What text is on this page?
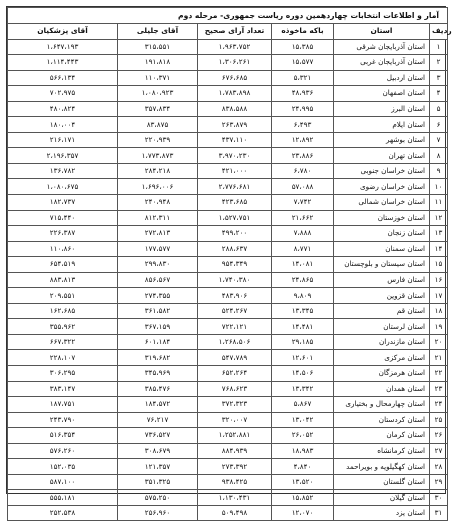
آمار و اطلاعات انتخابات چهاردهمین دوره ریاست جمهوری- مرحله دوم					
آقای پزشکیان	آقای جلیلی	تعداد آرای صحیح	باکه ماخوذه	استان	ردیف
۱،۶۴۷،۱۹۳	۳۱۵،۵۵۱	۱،۹۶۳،۷۵۲	۱۵،۳۸۵	استان آذربایجان شرقی	۱
۱،۱۱۴،۴۴۳	۱۹۱،۸۱۸	۱،۳۰۶،۲۶۱	۱۵،۵۷۷	استان آذربایجان غربی	۲
۵۶۶،۱۳۴	۱۱۰،۳۷۱	۶۷۶،۶۸۵	۵،۳۲۱	استان اردبیل	۳
۷۰۲،۹۷۵	۱،۰۸۰،۹۲۳	۱،۷۸۳،۸۹۸	۴۸،۹۳۶	استان اصفهان	۴
۴۸۰،۸۲۴	۳۵۷،۸۳۴	۸۳۸،۵۸۸	۲۴،۹۹۵	استان البرز	۵
۱۸۰،۰۰۴	۸۳،۸۷۵	۲۶۳،۸۷۹	۶،۴۹۳	استان ایلام	۶
۲۱۶،۱۷۱	۲۲۰،۹۳۹	۴۳۷،۱۱۰	۱۲،۸۹۲	استان بوشهر	۷
۲،۱۹۶،۳۵۷	۱،۷۷۳،۸۷۳	۳،۹۷۰،۲۳۰	۲۳،۸۸۶	استان تهران	۸
۱۳۶،۷۸۲	۲۸۴،۲۱۸	۴۲۱،۰۰۰	۶،۷۸۰	استان خراسان جنوبی	۹
۱،۰۸۰،۶۷۵	۱،۶۹۶،۰۰۶	۲،۷۷۶،۶۸۱	۵۷،۰۸۸	استان خراسان رضوی	۱۰
۱۸۲،۷۳۷	۲۴۰،۹۴۸	۴۲۳،۶۸۵	۷،۷۴۲	استان خراسان شمالی	۱۱
۷۱۵،۴۴۰	۸۱۲،۳۱۱	۱،۵۲۷،۷۵۱	۲۱،۶۶۲	استان خوزستان	۱۲
۲۲۶،۳۸۷	۲۷۲،۸۱۳	۴۹۹،۲۰۰	۷،۸۸۸	استان زنجان	۱۳
۱۱۰،۸۶۰	۱۷۷،۵۷۷	۲۸۸،۶۳۷	۸،۷۷۱	استان سمنان	۱۴
۶۵۴،۵۱۹	۲۹۹،۸۳۰	۹۵۴،۳۴۹	۱۴،۰۸۱	استان سیستان و بلوچستان	۱۵
۸۸۳،۸۱۳	۸۵۶،۵۶۷	۱،۷۴۰،۳۸۰	۲۴،۸۶۵	استان فارس	۱۶
۲۰۹،۵۵۱	۲۷۴،۳۵۵	۴۸۳،۹۰۶	۹،۸۰۹	استان قزوین	۱۷
۱۶۲،۶۸۵	۳۶۱،۵۸۲	۵۲۴،۲۶۷	۱۳،۳۴۵	استان قم	۱۸
۳۵۵،۹۶۲	۳۶۷،۱۵۹	۷۲۲،۱۲۱	۱۴،۴۸۱	استان لرستان	۱۹
۶۶۷،۳۲۲	۶۰۱،۱۸۴	۱،۲۶۸،۵۰۶	۲۹،۱۸۵	استان مازندران	۲۰
۲۲۸،۱۰۷	۳۱۹،۶۸۲	۵۴۷،۷۸۹	۱۲،۶۰۱	استان مرکزی	۲۱
۳۰۶،۲۹۵	۳۴۵،۹۶۹	۶۵۲،۲۶۴	۱۴،۵۰۶	استان هرمزگان	۲۲
۳۸۳،۱۴۷	۳۸۵،۴۷۶	۷۶۸،۶۲۳	۱۳،۳۴۲	استان همدان	۲۳
۱۸۷،۷۵۱	۱۸۴،۵۷۲	۳۷۲،۳۲۳	۵،۸۶۷	استان چهارمحال و بختیاری	۲۴
۲۴۳،۷۹۰	۷۶،۲۱۷	۳۲۰،۰۰۷	۱۳،۰۴۲	استان کردستان	۲۵
۵۱۶،۳۵۴	۷۳۶،۵۲۷	۱،۲۵۲،۸۸۱	۲۶،۰۵۲	استان کرمان	۲۶
۵۷۶،۲۶۰	۳۰۸،۶۷۹	۸۸۴،۹۳۹	۱۸،۹۸۳	استان کرمانشاه	۲۷
۱۵۲،۰۳۵	۱۲۱،۳۵۷	۲۷۳،۳۹۲	۴،۸۴۰	استان کهگیلویه و بویراحمد	۲۸
۵۸۷،۱۰۰	۳۵۱،۳۲۵	۹۳۸،۴۲۵	۱۳،۵۲۰	استان گلستان	۲۹
۵۵۵،۱۸۱	۵۷۵،۲۵۰	۱،۱۳۰،۴۳۱	۱۵،۸۵۲	استان گیلان	۳۰
۲۵۲،۵۳۸	۲۵۶،۹۶۰	۵۰۹،۴۹۸	۱۲،۰۷۰	استان یزد	۳۱
